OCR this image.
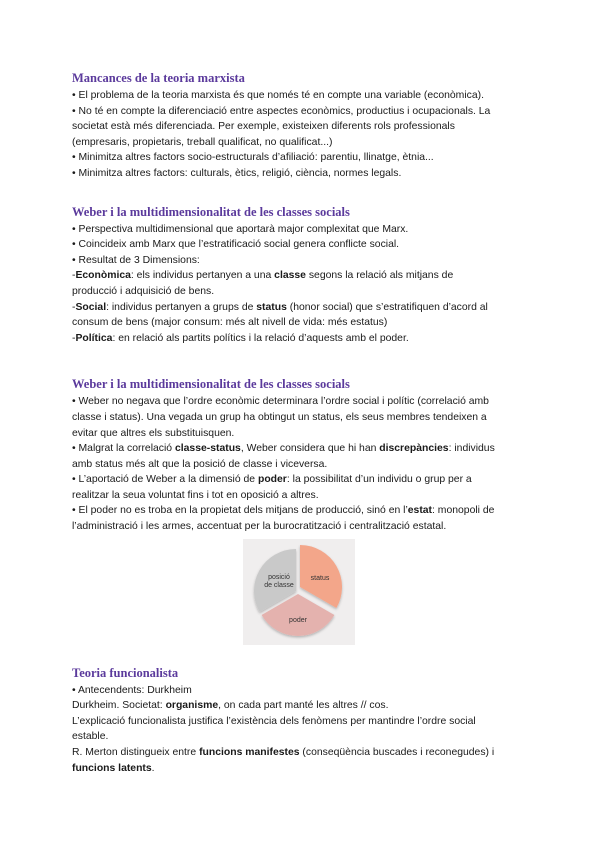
Mancances de la teoria marxista

• El problema de la teoria marxista és que només té en compte una variable (econòmica).

• No té en compte la diferenciació entre aspectes econòmics, productius i ocupacionals. La

societat està més diferenciada. Per exemple, existeixen diferents rols professionals

(empresaris, propietaris, treball qualificat, no qualificat...)

• Minimitza altres factors socio-estructurals d’afiliació: parentiu, llinatge, ètnia...

• Minimitza altres factors: culturals, ètics, religió, ciència, normes legals.

Weber i la multidimensionalitat de les classes socials

• Perspectiva multidimensional que aportarà major complexitat que Marx.

• Coincideix amb Marx que l’estratificació social genera conflicte social.

• Resultat de 3 Dimensions:

-Econòmica: els individus pertanyen a una classe segons la relació als mitjans de

producció i adquisició de bens.

-Social: individus pertanyen a grups de status (honor social) que s’estratifiquen d’acord al

consum de bens (major consum: més alt nivell de vida: més estatus)

-Política: en relació als partits polítics i la relació d’aquests amb el poder.

Weber i la multidimensionalitat de les classes socials

• Weber no negava que l’ordre econòmic determinara l’ordre social i polític (correlació amb

classe i status). Una vegada un grup ha obtingut un status, els seus membres tendeixen a

evitar que altres els substituisquen.

• Malgrat la correlació classe-status, Weber considera que hi han discrepàncies: individus

amb status més alt que la posició de classe i viceversa.

• L’aportació de Weber a la dimensió de poder: la possibilitat d’un individu o grup per a

realitzar la seua voluntat fins i tot en oposició a altres.

• El poder no es troba en la propietat dels mitjans de producció, sinó en l’estat: monopoli de

l’administració i les armes, accentuat per la burocratització i centralització estatal.

posició
de classe
status
poder
Teoria funcionalista

• Antecendents: Durkheim

Durkheim. Societat: organisme, on cada part manté les altres // cos.

L’explicació funcionalista justifica l’existència dels fenòmens per mantindre l’ordre social

estable.

R. Merton distingueix entre funcions manifestes (conseqüència buscades i reconegudes) i

funcions latents.
